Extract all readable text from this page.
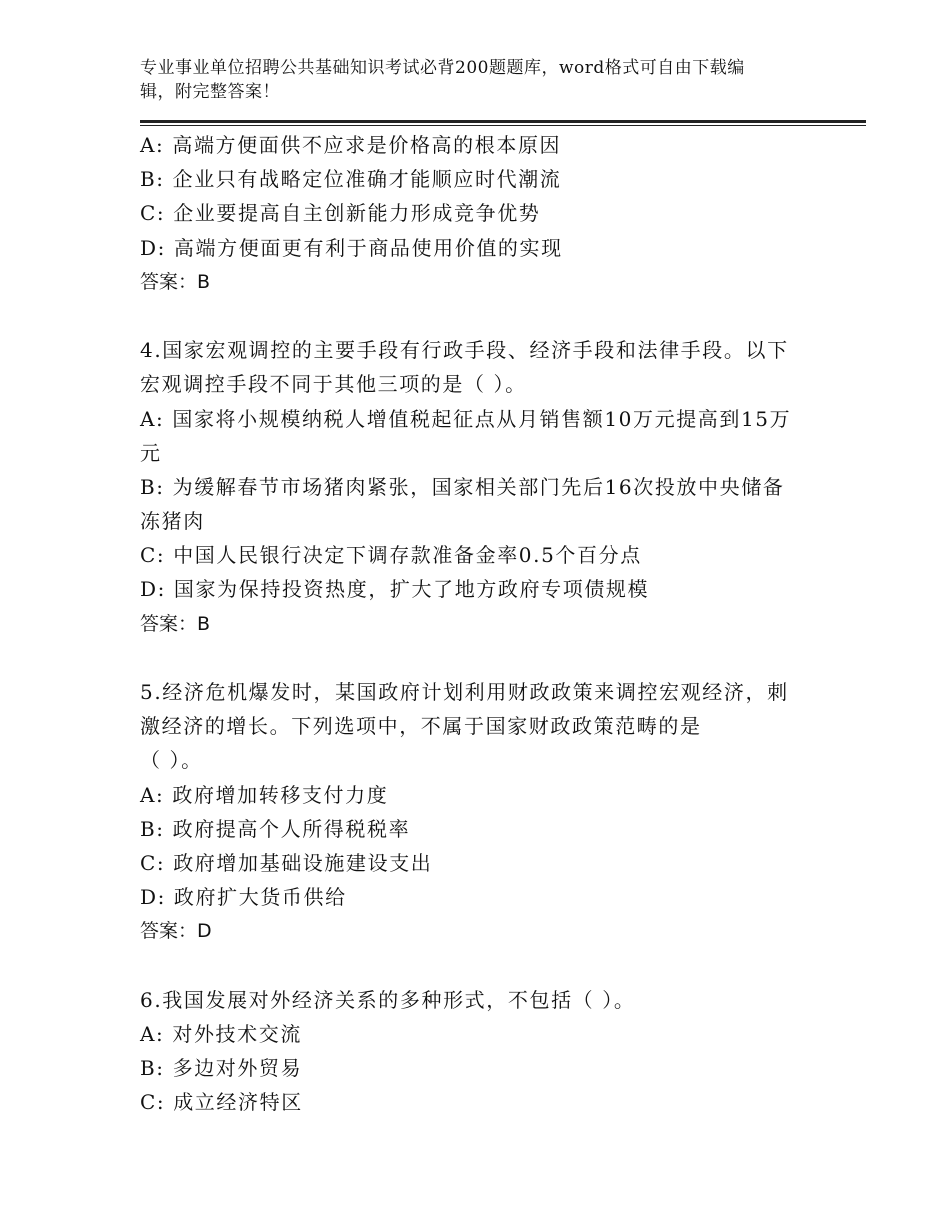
专业事业单位招聘公共基础知识考试必背200题题库，word格式可自由下载编
辑，附完整答案！
A: 高端方便面供不应求是价格高的根本原因
B: 企业只有战略定位准确才能顺应时代潮流
C: 企业要提高自主创新能力形成竞争优势
D: 高端方便面更有利于商品使用价值的实现
答案：B
4.国家宏观调控的主要手段有行政手段、经济手段和法律手段。以下
宏观调控手段不同于其他三项的是（ ）。
A: 国家将小规模纳税人增值税起征点从月销售额10万元提高到15万
元
B: 为缓解春节市场猪肉紧张，国家相关部门先后16次投放中央储备
冻猪肉
C: 中国人民银行决定下调存款准备金率0.5个百分点
D: 国家为保持投资热度，扩大了地方政府专项债规模
答案：B
5.经济危机爆发时，某国政府计划利用财政政策来调控宏观经济，刺
激经济的增长。下列选项中，不属于国家财政政策范畴的是
（ ）。
A: 政府增加转移支付力度
B: 政府提高个人所得税税率
C: 政府增加基础设施建设支出
D: 政府扩大货币供给
答案：D
6.我国发展对外经济关系的多种形式，不包括（ ）。
A: 对外技术交流
B: 多边对外贸易
C: 成立经济特区
